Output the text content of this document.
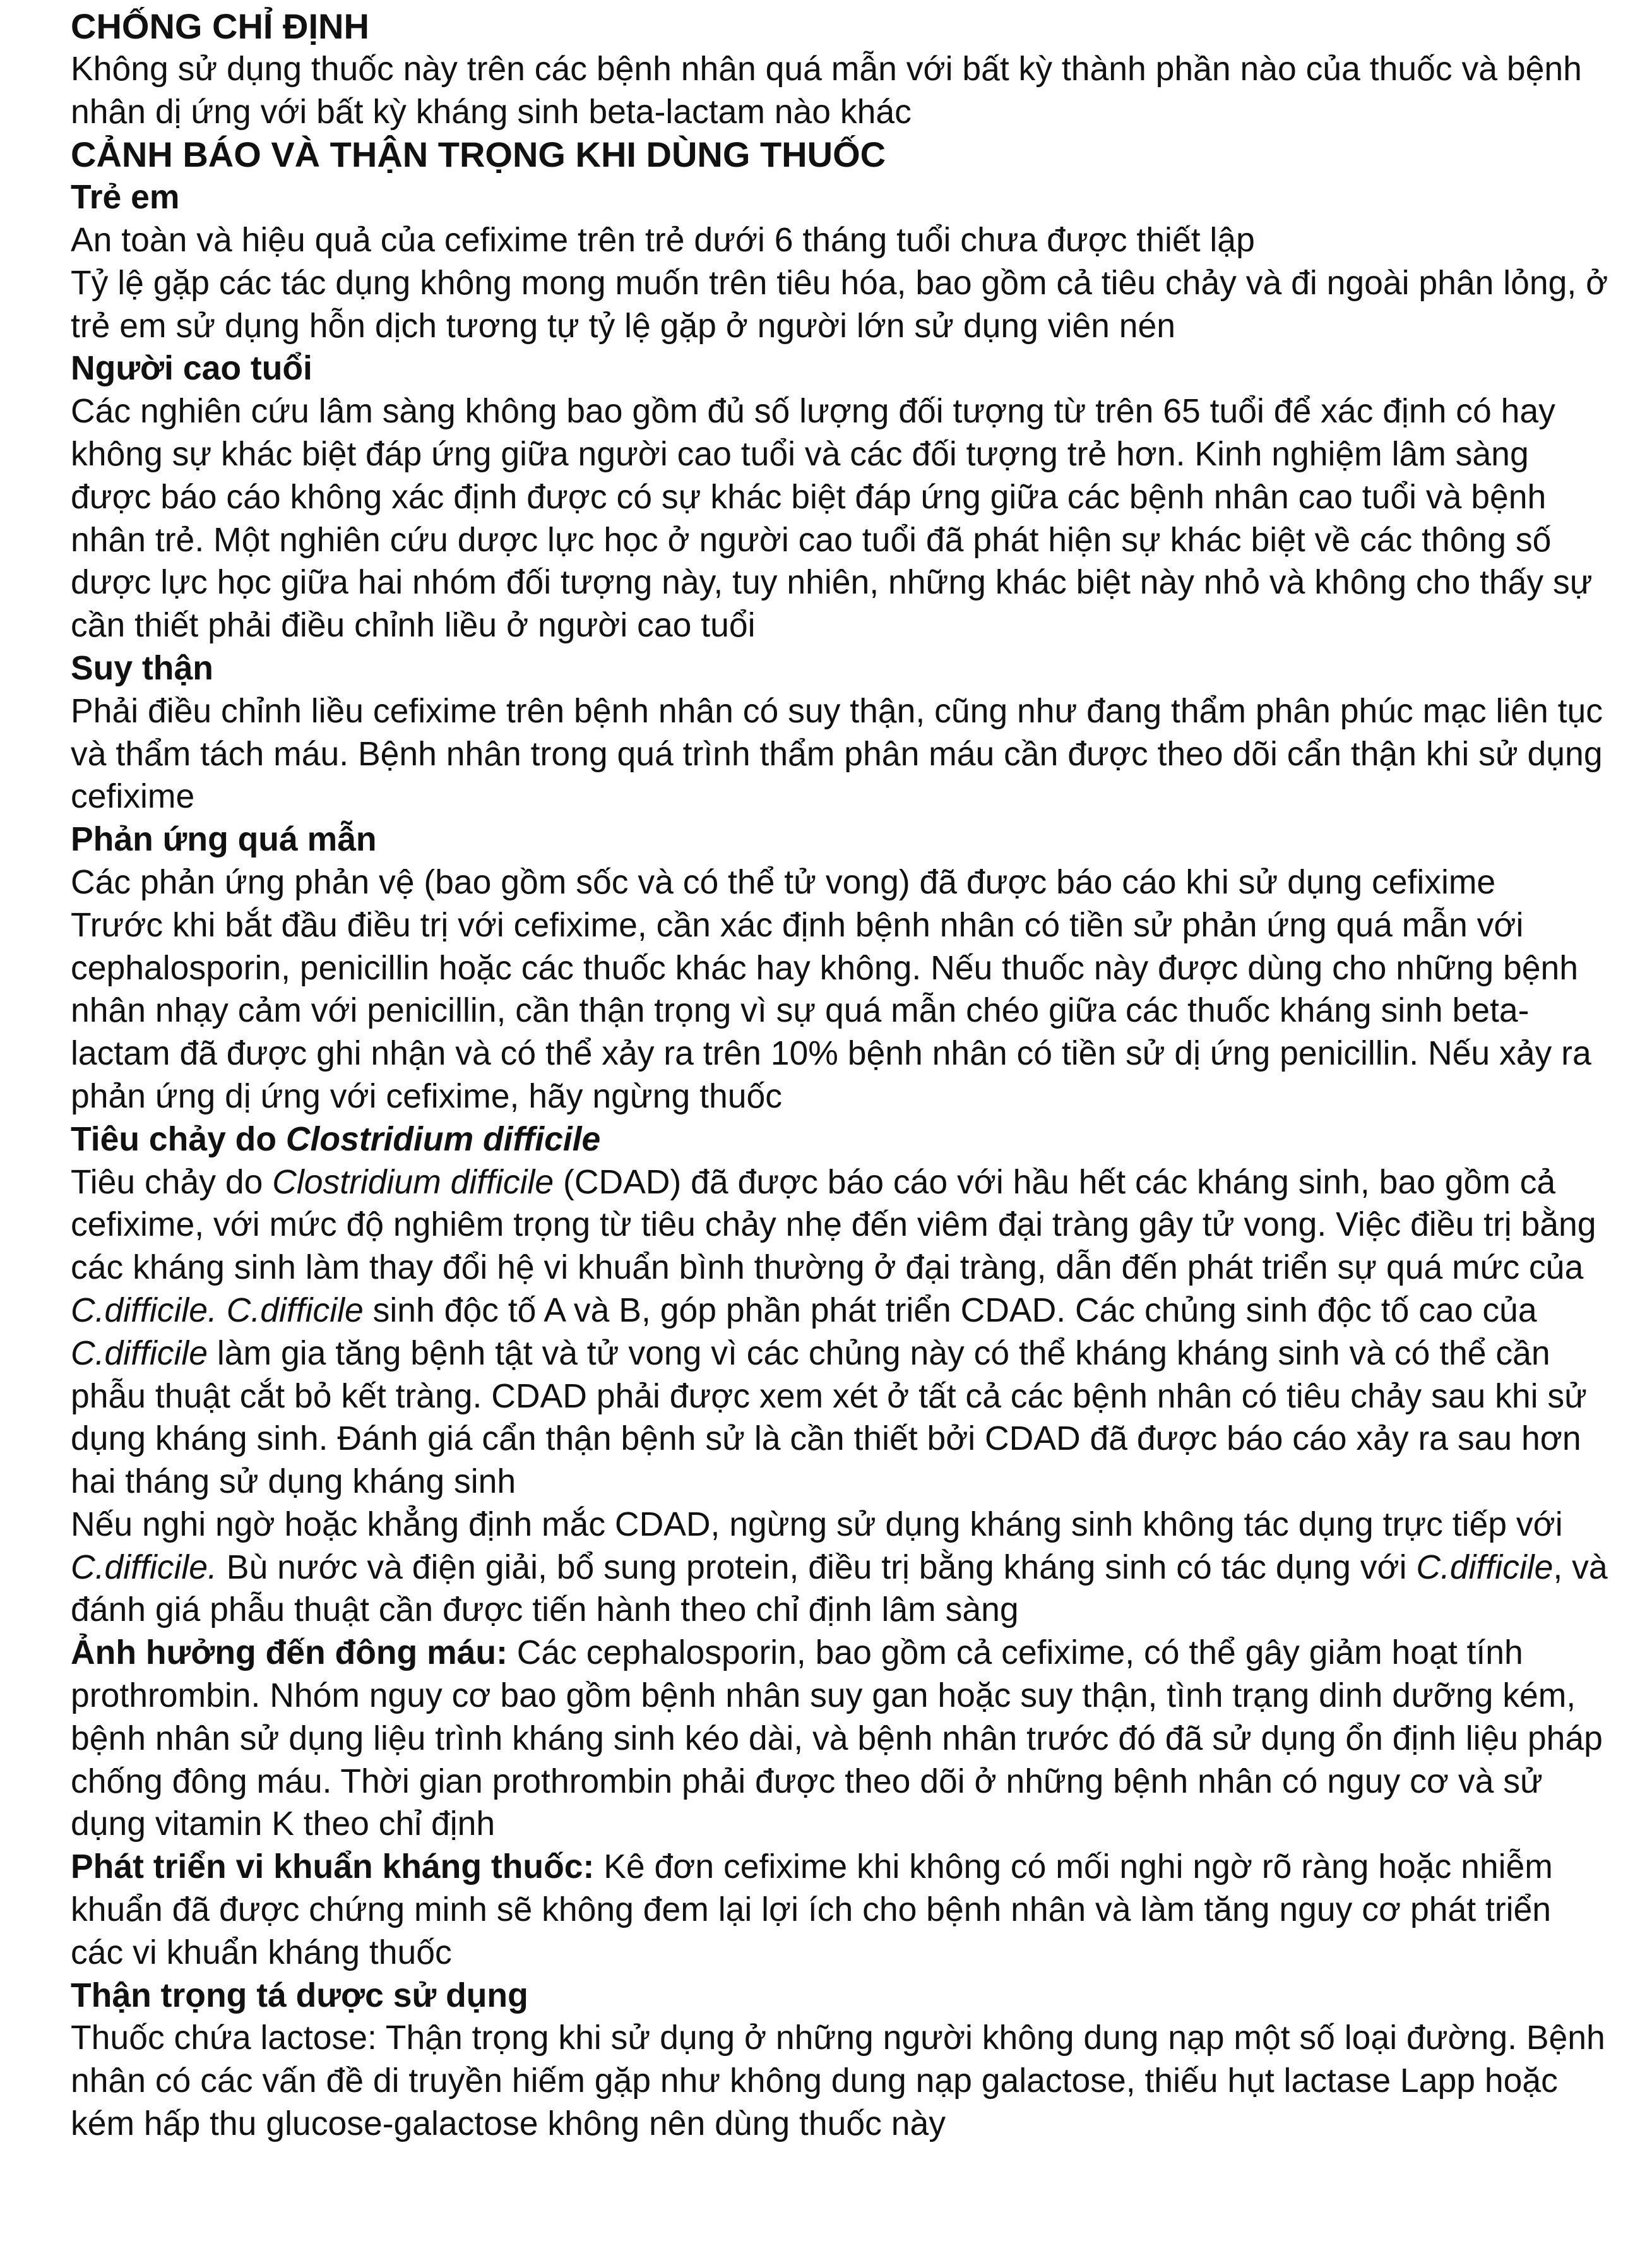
CHỐNG CHỈ ĐỊNH
Không sử dụng thuốc này trên các bệnh nhân quá mẫn với bất kỳ thành phần nào của thuốc và bệnh nhân dị ứng với bất kỳ kháng sinh beta-lactam nào khác
CẢNH BÁO VÀ THẬN TRỌNG KHI DÙNG THUỐC
Trẻ em
An toàn và hiệu quả của cefixime trên trẻ dưới 6 tháng tuổi chưa được thiết lập
Tỷ lệ gặp các tác dụng không mong muốn trên tiêu hóa, bao gồm cả tiêu chảy và đi ngoài phân lỏng, ở trẻ em sử dụng hỗn dịch tương tự tỷ lệ gặp ở người lớn sử dụng viên nén
Người cao tuổi
Các nghiên cứu lâm sàng không bao gồm đủ số lượng đối tượng từ trên 65 tuổi để xác định có hay không sự khác biệt đáp ứng giữa người cao tuổi và các đối tượng trẻ hơn. Kinh nghiệm lâm sàng được báo cáo không xác định được có sự khác biệt đáp ứng giữa các bệnh nhân cao tuổi và bệnh nhân trẻ. Một nghiên cứu dược lực học ở người cao tuổi đã phát hiện sự khác biệt về các thông số dược lực học giữa hai nhóm đối tượng này, tuy nhiên, những khác biệt này nhỏ và không cho thấy sự cần thiết phải điều chỉnh liều ở người cao tuổi
Suy thận
Phải điều chỉnh liều cefixime trên bệnh nhân có suy thận, cũng như đang thẩm phân phúc mạc liên tục và thẩm tách máu. Bệnh nhân trong quá trình thẩm phân máu cần được theo dõi cẩn thận khi sử dụng cefixime
Phản ứng quá mẫn
Các phản ứng phản vệ (bao gồm sốc và có thể tử vong) đã được báo cáo khi sử dụng cefixime
Trước khi bắt đầu điều trị với cefixime, cần xác định bệnh nhân có tiền sử phản ứng quá mẫn với cephalosporin, penicillin hoặc các thuốc khác hay không. Nếu thuốc này được dùng cho những bệnh nhân nhạy cảm với penicillin, cần thận trọng vì sự quá mẫn chéo giữa các thuốc kháng sinh beta-lactam đã được ghi nhận và có thể xảy ra trên 10% bệnh nhân có tiền sử dị ứng penicillin. Nếu xảy ra phản ứng dị ứng với cefixime, hãy ngừng thuốc
Tiêu chảy do Clostridium difficile
Tiêu chảy do Clostridium difficile (CDAD) đã được báo cáo với hầu hết các kháng sinh, bao gồm cả cefixime, với mức độ nghiêm trọng từ tiêu chảy nhẹ đến viêm đại tràng gây tử vong. Việc điều trị bằng các kháng sinh làm thay đổi hệ vi khuẩn bình thường ở đại tràng, dẫn đến phát triển sự quá mức của C.difficile. C.difficile sinh độc tố A và B, góp phần phát triển CDAD. Các chủng sinh độc tố cao của C.difficile làm gia tăng bệnh tật và tử vong vì các chủng này có thể kháng kháng sinh và có thể cần phẫu thuật cắt bỏ kết tràng. CDAD phải được xem xét ở tất cả các bệnh nhân có tiêu chảy sau khi sử dụng kháng sinh. Đánh giá cẩn thận bệnh sử là cần thiết bởi CDAD đã được báo cáo xảy ra sau hơn hai tháng sử dụng kháng sinh
Nếu nghi ngờ hoặc khẳng định mắc CDAD, ngừng sử dụng kháng sinh không tác dụng trực tiếp với C.difficile. Bù nước và điện giải, bổ sung protein, điều trị bằng kháng sinh có tác dụng với C.difficile, và đánh giá phẫu thuật cần được tiến hành theo chỉ định lâm sàng
Ảnh hưởng đến đông máu: Các cephalosporin, bao gồm cả cefixime, có thể gây giảm hoạt tính prothrombin. Nhóm nguy cơ bao gồm bệnh nhân suy gan hoặc suy thận, tình trạng dinh dưỡng kém, bệnh nhân sử dụng liệu trình kháng sinh kéo dài, và bệnh nhân trước đó đã sử dụng ổn định liệu pháp chống đông máu. Thời gian prothrombin phải được theo dõi ở những bệnh nhân có nguy cơ và sử dụng vitamin K theo chỉ định
Phát triển vi khuẩn kháng thuốc: Kê đơn cefixime khi không có mối nghi ngờ rõ ràng hoặc nhiễm khuẩn đã được chứng minh sẽ không đem lại lợi ích cho bệnh nhân và làm tăng nguy cơ phát triển các vi khuẩn kháng thuốc
Thận trọng tá dược sử dụng
Thuốc chứa lactose: Thận trọng khi sử dụng ở những người không dung nạp một số loại đường. Bệnh nhân có các vấn đề di truyền hiếm gặp như không dung nạp galactose, thiếu hụt lactase Lapp hoặc kém hấp thu glucose-galactose không nên dùng thuốc này
